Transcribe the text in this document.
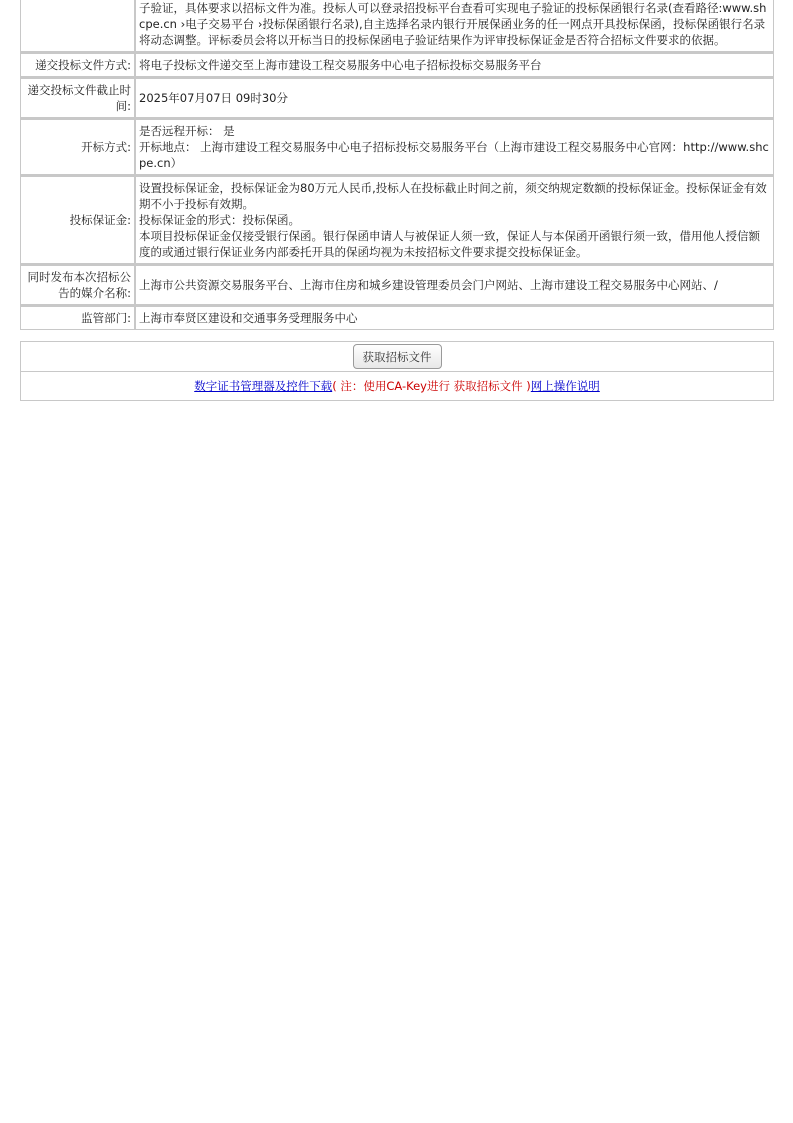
	子验证，具体要求以招标文件为准。投标人可以登录招投标平台查看可实现电子验证的投标保函银行名录(查看路径:www.shcpe.cn ›电子交易平台 ›投标保函银行名录),自主选择名录内银行开展保函业务的任一网点开具投标保函，投标保函银行名录将动态调整。评标委员会将以开标当日的投标保函电子验证结果作为评审投标保证金是否符合招标文件要求的依据。

递交投标文件方式:	将电子投标文件递交至上海市建设工程交易服务中心电子招标投标交易服务平台

递交投标文件截止时间:	2025年07月07日 09时30分

开标方式:	是否远程开标： 是
开标地点： 上海市建设工程交易服务中心电子招标投标交易服务平台（上海市建设工程交易服务中心官网：http://www.shcpe.cn）

投标保证金:	设置投标保证金，投标保证金为80万元人民币,投标人在投标截止时间之前，须交纳规定数额的投标保证金。投标保证金有效期不小于投标有效期。
投标保证金的形式：投标保函。
本项目投标保证金仅接受银行保函。银行保函申请人与被保证人须一致，保证人与本保函开函银行须一致，借用他人授信额度的或通过银行保证业务内部委托开具的保函均视为未按招标文件要求提交投标保证金。

同时发布本次招标公告的媒介名称:	上海市公共资源交易服务平台、上海市住房和城乡建设管理委员会门户网站、上海市建设工程交易服务中心网站、/

监管部门:	上海市奉贤区建设和交通事务受理服务中心
获取招标文件
数字证书管理器及控件下载 ( 注：使用CA-Key进行 获取招标文件 ) 网上操作说明
